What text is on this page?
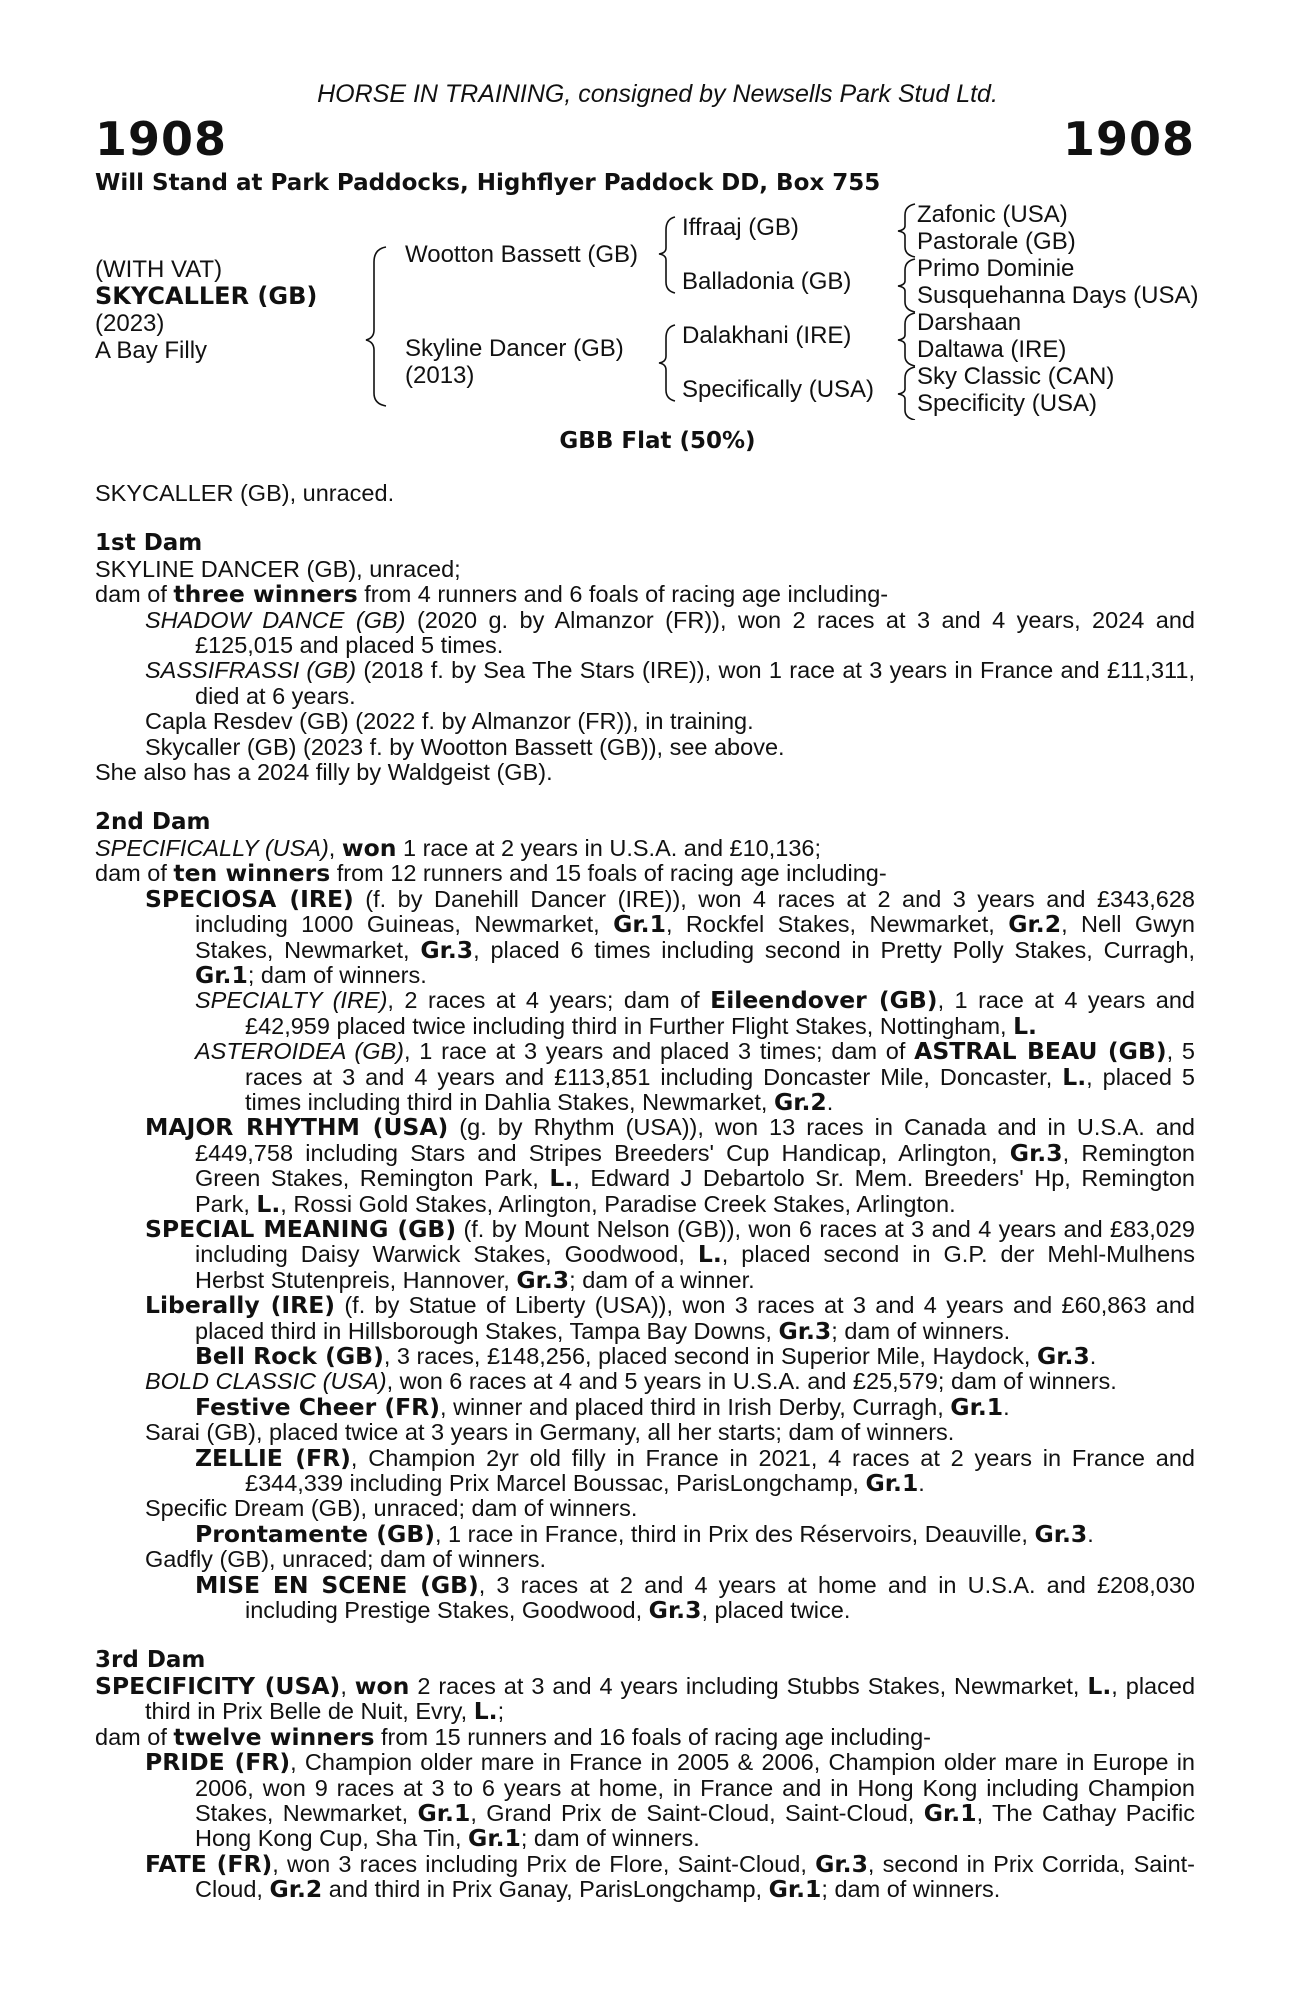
HORSE IN TRAINING, consigned by Newsells Park Stud Ltd.
1908	1908
Will Stand at Park Paddocks, Highflyer Paddock DD, Box 755
(WITH VAT)
SKYCALLER (GB)
(2023)
A Bay Filly
Wootton Bassett (GB)
Skyline Dancer (GB)
(2013)
Iffraaj (GB)
Balladonia (GB)
Dalakhani (IRE)
Specifically (USA)
Zafonic (USA)
Pastorale (GB)
Primo Dominie
Susquehanna Days (USA)
Darshaan
Daltawa (IRE)
Sky Classic (CAN)
Specificity (USA)
GBB Flat (50%)

SKYCALLER (GB), unraced.

1st Dam

SKYLINE DANCER (GB), unraced;

dam of three winners from 4 runners and 6 foals of racing age including-

SHADOW DANCE (GB) (2020 g. by Almanzor (FR)), won 2 races at 3 and 4 years, 2024 and £125,015 and placed 5 times.

SASSIFRASSI (GB) (2018 f. by Sea The Stars (IRE)), won 1 race at 3 years in France and £11,311, died at 6 years.

Capla Resdev (GB) (2022 f. by Almanzor (FR)), in training.

Skycaller (GB) (2023 f. by Wootton Bassett (GB)), see above.

She also has a 2024 filly by Waldgeist (GB).

2nd Dam

SPECIFICALLY (USA), won 1 race at 2 years in U.S.A. and £10,136;

dam of ten winners from 12 runners and 15 foals of racing age including-

SPECIOSA (IRE) (f. by Danehill Dancer (IRE)), won 4 races at 2 and 3 years and £343,628 including 1000 Guineas, Newmarket, Gr.1, Rockfel Stakes, Newmarket, Gr.2, Nell Gwyn Stakes, Newmarket, Gr.3, placed 6 times including second in Pretty Polly Stakes, Curragh, Gr.1; dam of winners.

SPECIALTY (IRE), 2 races at 4 years; dam of Eileendover (GB), 1 race at 4 years and £42,959 placed twice including third in Further Flight Stakes, Nottingham, L.

ASTEROIDEA (GB), 1 race at 3 years and placed 3 times; dam of ASTRAL BEAU (GB), 5 races at 3 and 4 years and £113,851 including Doncaster Mile, Doncaster, L., placed 5 times including third in Dahlia Stakes, Newmarket, Gr.2.

MAJOR RHYTHM (USA) (g. by Rhythm (USA)), won 13 races in Canada and in U.S.A. and £449,758 including Stars and Stripes Breeders' Cup Handicap, Arlington, Gr.3, Remington Green Stakes, Remington Park, L., Edward J Debartolo Sr. Mem. Breeders' Hp, Remington Park, L., Rossi Gold Stakes, Arlington, Paradise Creek Stakes, Arlington.

SPECIAL MEANING (GB) (f. by Mount Nelson (GB)), won 6 races at 3 and 4 years and £83,029 including Daisy Warwick Stakes, Goodwood, L., placed second in G.P. der Mehl-Mulhens Herbst Stutenpreis, Hannover, Gr.3; dam of a winner.

Liberally (IRE) (f. by Statue of Liberty (USA)), won 3 races at 3 and 4 years and £60,863 and placed third in Hillsborough Stakes, Tampa Bay Downs, Gr.3; dam of winners.

Bell Rock (GB), 3 races, £148,256, placed second in Superior Mile, Haydock, Gr.3.

BOLD CLASSIC (USA), won 6 races at 4 and 5 years in U.S.A. and £25,579; dam of winners.

Festive Cheer (FR), winner and placed third in Irish Derby, Curragh, Gr.1.

Sarai (GB), placed twice at 3 years in Germany, all her starts; dam of winners.

ZELLIE (FR), Champion 2yr old filly in France in 2021, 4 races at 2 years in France and £344,339 including Prix Marcel Boussac, ParisLongchamp, Gr.1.

Specific Dream (GB), unraced; dam of winners.

Prontamente (GB), 1 race in France, third in Prix des Réservoirs, Deauville, Gr.3.

Gadfly (GB), unraced; dam of winners.

MISE EN SCENE (GB), 3 races at 2 and 4 years at home and in U.S.A. and £208,030 including Prestige Stakes, Goodwood, Gr.3, placed twice.

3rd Dam

SPECIFICITY (USA), won 2 races at 3 and 4 years including Stubbs Stakes, Newmarket, L., placed third in Prix Belle de Nuit, Evry, L.;

dam of twelve winners from 15 runners and 16 foals of racing age including-

PRIDE (FR), Champion older mare in France in 2005 & 2006, Champion older mare in Europe in 2006, won 9 races at 3 to 6 years at home, in France and in Hong Kong including Champion Stakes, Newmarket, Gr.1, Grand Prix de Saint-Cloud, Saint-Cloud, Gr.1, The Cathay Pacific Hong Kong Cup, Sha Tin, Gr.1; dam of winners.

FATE (FR), won 3 races including Prix de Flore, Saint-Cloud, Gr.3, second in Prix Corrida, Saint-Cloud, Gr.2 and third in Prix Ganay, ParisLongchamp, Gr.1; dam of winners.
